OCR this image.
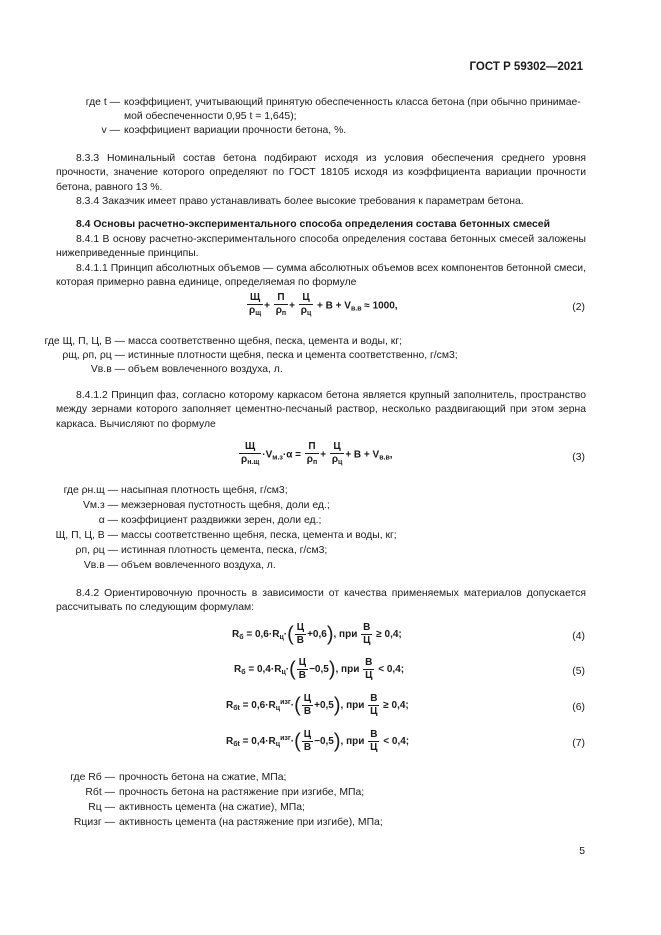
ГОСТ Р 59302—2021
где t — коэффициент, учитывающий принятую обеспеченность класса бетона (при обычно принимае-
мой обеспеченности 0,95 t = 1,645);
v — коэффициент вариации прочности бетона, %.

8.3.3 Номинальный состав бетона подбирают исходя из условия обеспечения среднего уровня прочности, значение которого определяют по ГОСТ 18105 исходя из коэффициента вариации прочности бетона, равного 13 %.

8.3.4 Заказчик имеет право устанавливать более высокие требования к параметрам бетона.

8.4 Основы расчетно-экспериментального способа определения состава бетонных смесей

8.4.1 В основу расчетно-экспериментального способа определения состава бетонных смесей заложены нижеприведенные принципы.

8.4.1.1 Принцип абсолютных объемов — сумма абсолютных объемов всех компонентов бетонной смеси, которая примерно равна единице, определяемая по формуле

$\frac{Щ}{\rho_щ} + \frac{П}{\rho_п} + \frac{Ц}{\rho_ц} + В + V_{в.в} \approx 1000$,	(2)
где Щ, П, Ц, В — масса соответственно щебня, песка, цемента и воды, кг;
ρщ, ρп, ρц — истинные плотности щебня, песка и цемента соответственно, г/см3;
Vв.в — объем вовлеченного воздуха, л.

8.4.1.2 Принцип фаз, согласно которому каркасом бетона является крупный заполнитель, пространство между зернами которого заполняет цементно-песчаный раствор, несколько раздвигающий при этом зерна каркаса. Вычисляют по формуле

$\frac{Щ}{\rho_{н.щ}} \cdot V_{м.з}\cdot\alpha = \frac{П}{\rho_п} + \frac{Ц}{\rho_ц} + В + V_{в.в}$,	(3)
где ρн.щ — насыпная плотность щебня, г/см3;
Vм.з — межзерновая пустотность щебня, доли ед.;
α — коэффициент раздвижки зерен, доли ед.;
Щ, П, Ц, В — массы соответственно щебня, песка, цемента и воды, кг;
ρп, ρц — истинная плотность цемента, песка, г/см3;
Vв.в — объем вовлеченного воздуха, л.

8.4.2 Ориентировочную прочность в зависимости от качества применяемых материалов допускается рассчитывать по следующим формулам:

$R_б = 0,6\cdot R_ц\cdot( \frac{Ц}{В} +0,6)$, при $\frac{В}{Ц} \ge 0,4$;	(4)
$R_б = 0,4\cdot R_ц\cdot( \frac{Ц}{В} -0,5)$, при $\frac{В}{Ц} < 0,4$;	(5)
$R_{бt} = 0,6\cdot R_ц^{изг}\cdot( \frac{Ц}{В} +0,5)$, при $\frac{В}{Ц} \ge 0,4$;	(6)
$R_{бt} = 0,4\cdot R_ц^{изг}\cdot( \frac{Ц}{В} -0,5)$, при $\frac{В}{Ц} < 0,4$;	(7)
где Rб — прочность бетона на сжатие, МПа;
Rбt — прочность бетона на растяжение при изгибе, МПа;
Rц — активность цемента (на сжатие), МПа;
Rцизг — активность цемента (на растяжение при изгибе), МПа;
5
